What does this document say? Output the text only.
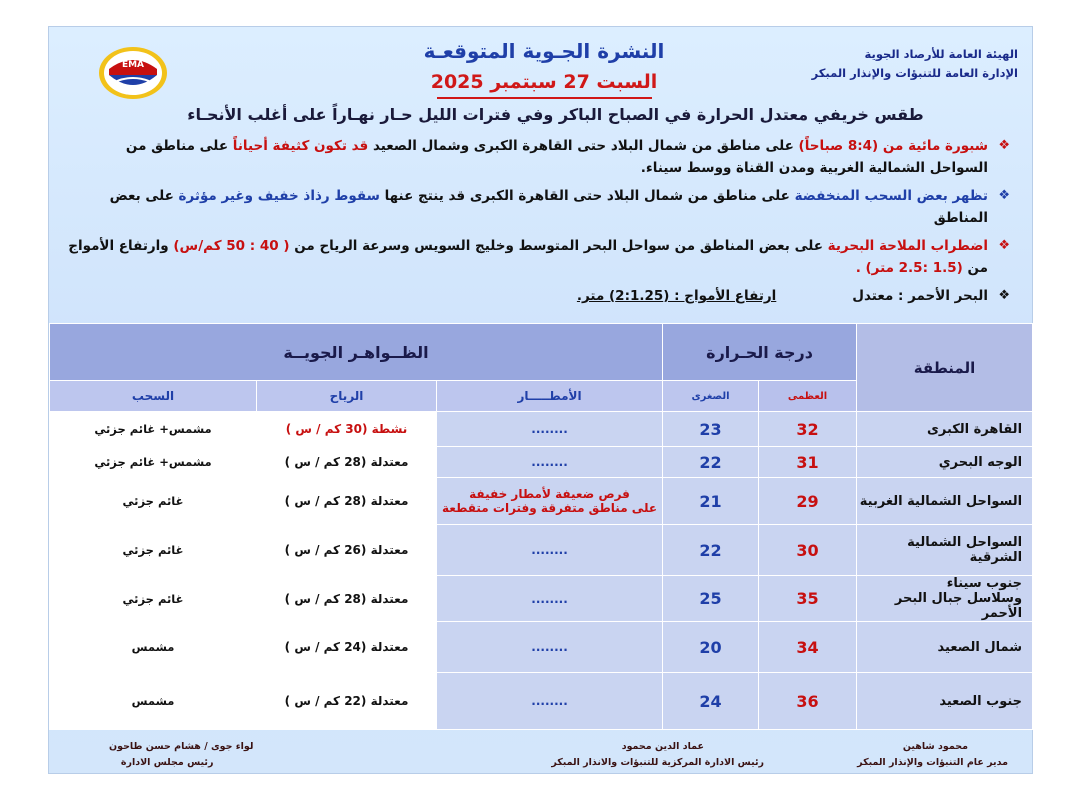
الهيئة العامة للأرصاد الجوية
الإدارة العامة للتنبؤات والإنذار المبكر
النشرة الجـوية المتوقعـة
السبت 27 سبتمبر 2025
EMA
طقس خريفي معتدل الحرارة في الصباح الباكر وفي فترات الليل حـار نهـاراً على أغلب الأنحـاء
❖
شبورة مائية من (8:4 صباحاً) على مناطق من شمال البلاد حتى القاهرة الكبرى وشمال الصعيد قد تكون كثيفة أحياناً على مناطق من السواحل الشمالية الغربية ومدن القناة ووسط سيناء.
❖
تظهر بعض السحب المنخفضة على مناطق من شمال البلاد حتى القاهرة الكبرى قد ينتج عنها سقوط رذاذ خفيف وغير مؤثرة على بعض المناطق
❖
اضطراب الملاحة البحرية على بعض المناطق من سواحل البحر المتوسط وخليج السويس وسرعة الرياح من ( 40 : 50 كم/س) وارتفاع الأمواج من (1.5 :2.5 متر) .
❖
البحر الأحمر : معتدل
ارتفاع الأمواج : (2:1.25) متر.
المنطقة	درجة الحـرارة		الظــواهـر الجويــة		
	العظمى	الصغرى	الأمطـــــار	الرياح	السحب
القاهرة الكبرى	32	23	........	نشطة (30 كم / س )	مشمس+ غائم جزئي
الوجه البحري	31	22	........	معتدلة (28 كم / س )	مشمس+ غائم جزئي
السواحل الشمالية الغربية	29	21	فرص ضعيفة لأمطار خفيفة
على مناطق متفرقة وفترات متقطعة	معتدلة (28 كم / س )	غائم جزئي
السواحل الشمالية الشرقية	30	22	........	معتدلة (26 كم / س )	غائم جزئي

جنوب سيناء
وسلاسل جبال البحر الأحمر	35	25	........	معتدلة (28 كم / س )	غائم جزئي
شمال الصعيد	34	20	........	معتدلة (24 كم / س )	مشمس
جنوب الصعيد	36	24	........	معتدلة (22 كم / س )	مشمس
محمود شاهين
مدير عام التنبؤات والإنذار المبكر
عماد الدين محمود
رئيس الادارة المركزية للتنبؤات والانذار المبكر
لواء جوى / هشام حسن طاحون
رئيس مجلس الادارة
